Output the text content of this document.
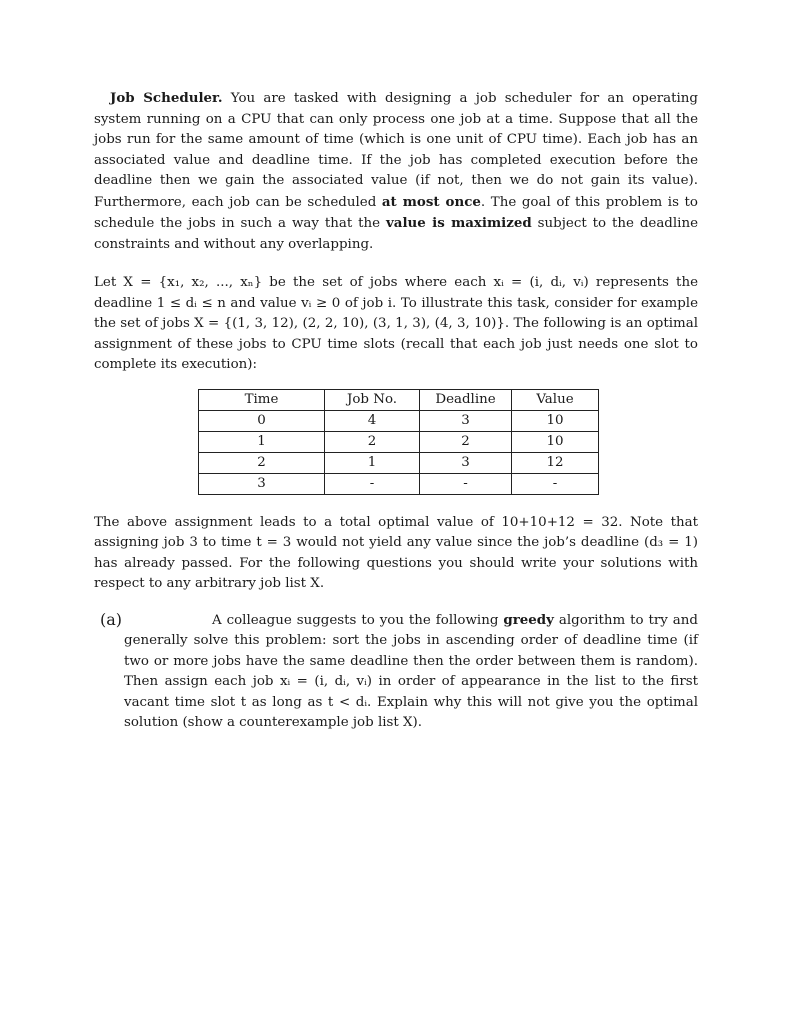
Job Scheduler. You are tasked with designing a job scheduler for an operating system running on a CPU that can only process one job at a time. Suppose that all the jobs run for the same amount of time (which is one unit of CPU time). Each job has an associated value and deadline time. If the job has completed execution before the deadline then we gain the associated value (if not, then we do not gain its value). Furthermore, each job can be scheduled at most once. The goal of this problem is to schedule the jobs in such a way that the value is maximized subject to the deadline constraints and without any overlapping.

Let X = {x₁, x₂, ..., xₙ} be the set of jobs where each xᵢ = (i, dᵢ, vᵢ) represents the deadline 1 ≤ dᵢ ≤ n and value vᵢ ≥ 0 of job i. To illustrate this task, consider for example the set of jobs X = {(1, 3, 12), (2, 2, 10), (3, 1, 3), (4, 3, 10)}. The following is an optimal assignment of these jobs to CPU time slots (recall that each job just needs one slot to complete its execution):

Time	Job No.	Deadline	Value
0	4	3	10
1	2	2	10
2	1	3	12
3	-	-	-

The above assignment leads to a total optimal value of 10+10+12 = 32. Note that assigning job 3 to time t = 3 would not yield any value since the job’s deadline (d₃ = 1) has already passed. For the following questions you should write your solutions with respect to any arbitrary job list X.

(a)	A colleague suggests to you the following greedy algorithm to try and generally solve this problem: sort the jobs in ascending order of deadline time (if two or more jobs have the same deadline then the order between them is random). Then assign each job xᵢ = (i, dᵢ, vᵢ) in order of appearance in the list to the first vacant time slot t as long as t < dᵢ. Explain why this will not give you the optimal solution (show a counterexample job list X).
